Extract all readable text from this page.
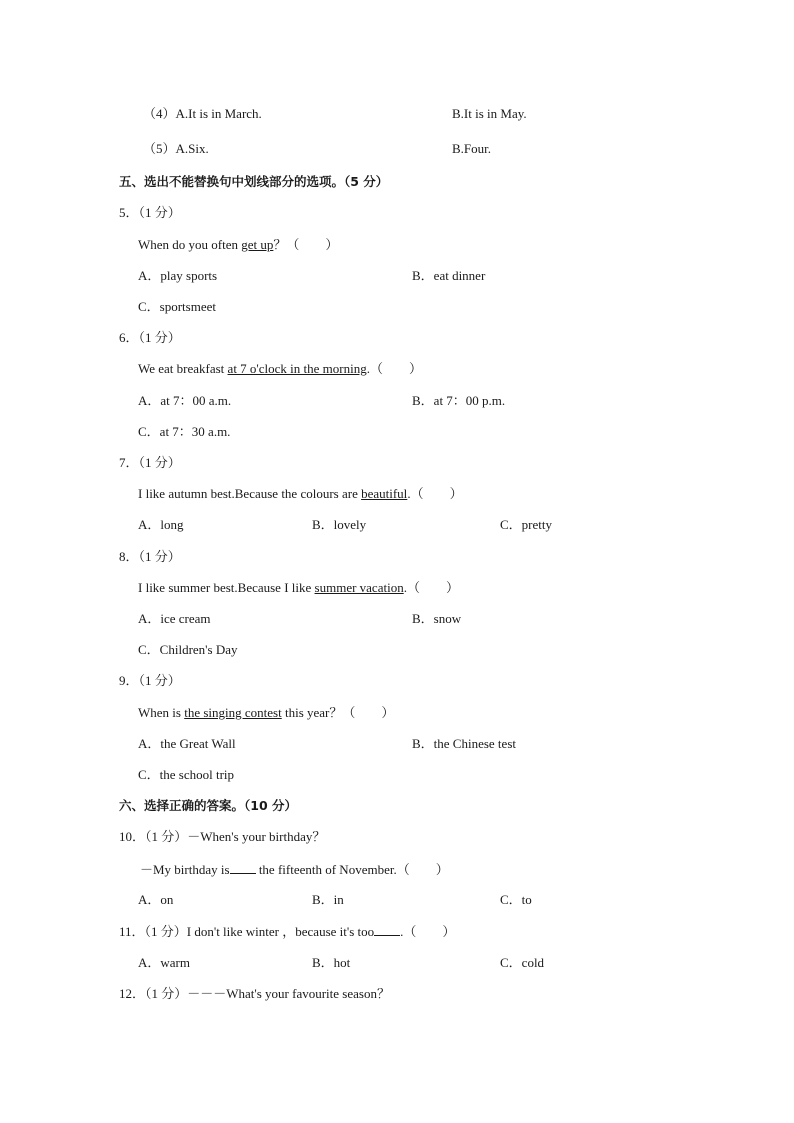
（4）A.It is in March.	B.It is in May.
（5）A.Six.	B.Four.
五、选出不能替换句中划线部分的选项。（5 分）
5．（1 分）
When do you often get up？（　　）
A．play sports	B．eat dinner
C．sportsmeet
6．（1 分）
We eat breakfast at 7 o'clock in the morning.（　　）
A．at 7：00 a.m.	B．at 7：00 p.m.
C．at 7：30 a.m.
7．（1 分）
I like autumn best.Because the colours are beautiful.（　　）
A．long	B．lovely	C．pretty
8．（1 分）
I like summer best.Because I like summer vacation.（　　）
A．ice cream	B．snow
C．Children's Day
9．（1 分）
When is the singing contest this year？（　　）
A．the Great Wall	B．the Chinese test
C．the school trip
六、选择正确的答案。（10 分）
10．（1 分）－When's your birthday？
－My birthday is the fifteenth of November.（　　）
A．on	B．in	C．to
11．（1 分）I don't like winter ，because it's too .（　　）
A．warm	B．hot	C．cold
12．（1 分）－－－What's your favourite season？
